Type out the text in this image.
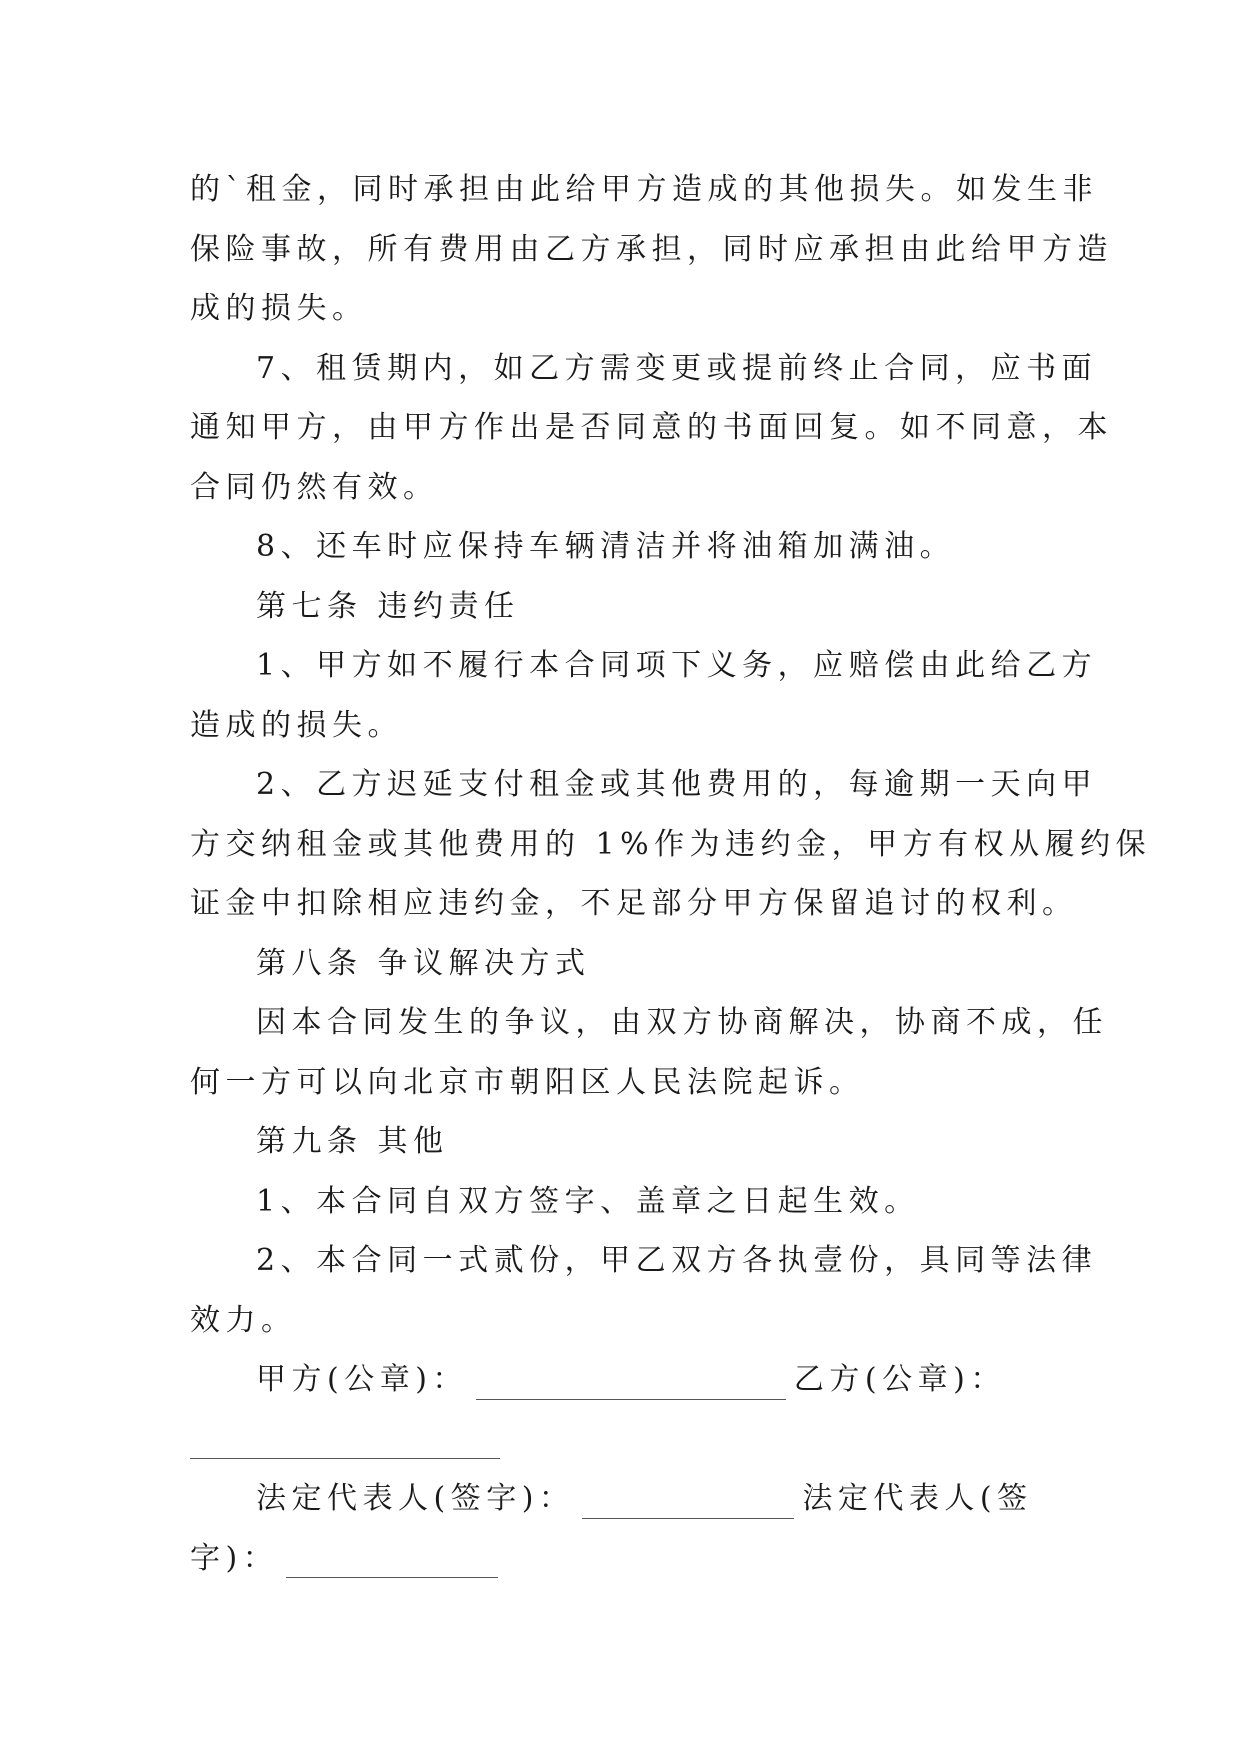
的`租金，同时承担由此给甲方造成的其他损失。如发生非
保险事故，所有费用由乙方承担，同时应承担由此给甲方造
成的损失。
7、租赁期内，如乙方需变更或提前终止合同，应书面
通知甲方，由甲方作出是否同意的书面回复。如不同意，本
合同仍然有效。
8、还车时应保持车辆清洁并将油箱加满油。
第七条 违约责任
1、甲方如不履行本合同项下义务，应赔偿由此给乙方
造成的损失。
2、乙方迟延支付租金或其他费用的，每逾期一天向甲
方交纳租金或其他费用的 1%作为违约金，甲方有权从履约保
证金中扣除相应违约金，不足部分甲方保留追讨的权利。
第八条 争议解决方式
因本合同发生的争议，由双方协商解决，协商不成，任
何一方可以向北京市朝阳区人民法院起诉。
第九条 其他
1、本合同自双方签字、盖章之日起生效。
2、本合同一式贰份，甲乙双方各执壹份，具同等法律
效力。
甲方(公章)：	乙方(公章)：
法定代表人(签字)：	法定代表人(签
字)：
